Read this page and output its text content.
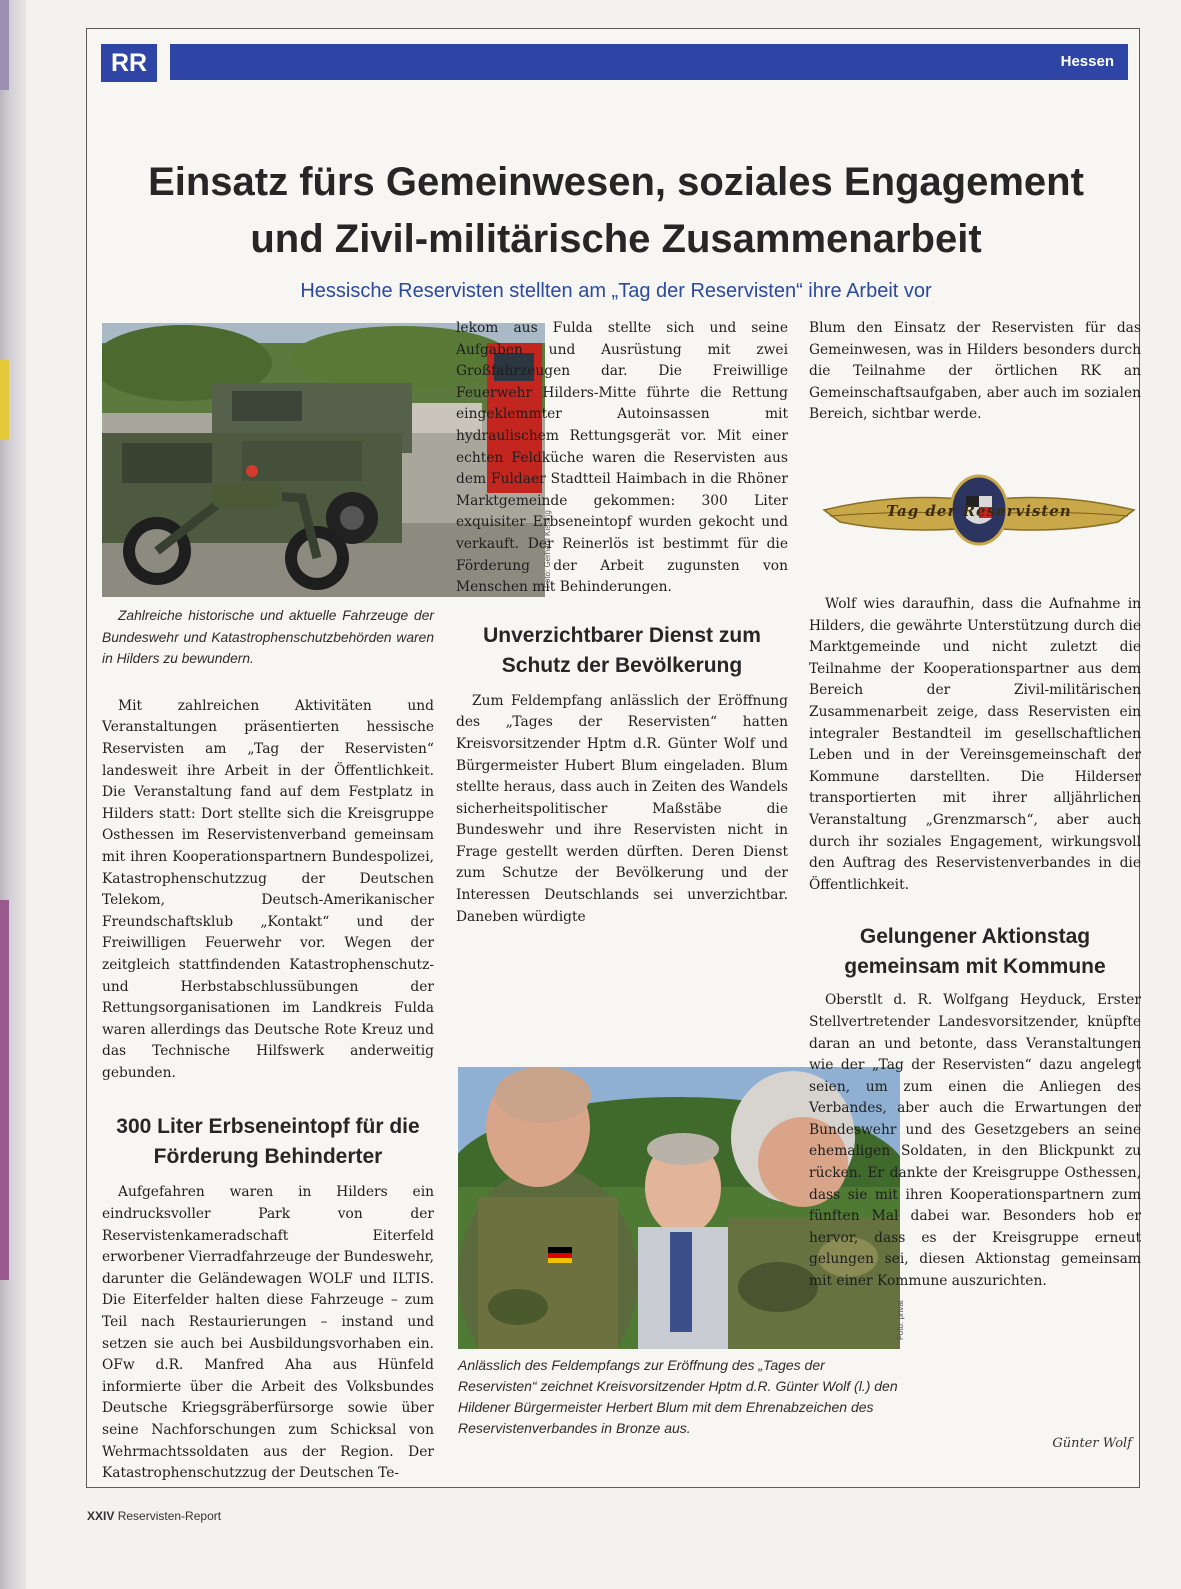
RR	Hessen
Einsatz fürs Gemeinwesen, soziales Engagement
und Zivil-militärische Zusammenarbeit
Hessische Reservisten stellten am „Tag der Reservisten“ ihre Arbeit vor
Foto: Gerhard Kissing

Zahlreiche historische und aktuelle Fahrzeuge der Bundeswehr und Katastrophenschutzbehörden waren in Hilders zu bewundern.

Mit zahlreichen Aktivitäten und Veranstaltungen präsentierten hessische Reservisten am „Tag der Reservisten“ landesweit ihre Arbeit in der Öffentlichkeit. Die Veranstaltung fand auf dem Festplatz in Hilders statt: Dort stellte sich die Kreisgruppe Osthessen im Reservistenverband gemeinsam mit ihren Kooperationspartnern Bundespolizei, Katastrophenschutzzug der Deutschen Telekom, Deutsch-Amerikanischer Freundschaftsklub „Kontakt“ und der Freiwilligen Feuerwehr vor. Wegen der zeitgleich stattfindenden Katastrophenschutz- und Herbstabschlussübungen der Rettungsorganisationen im Landkreis Fulda waren allerdings das Deutsche Rote Kreuz und das Technische Hilfswerk anderweitig gebunden.

300 Liter Erbseneintopf für die Förderung Behinderter

Aufgefahren waren in Hilders ein eindrucksvoller Park von der Reservistenkameradschaft Eiterfeld erworbener Vierradfahrzeuge der Bundeswehr, darunter die Geländewagen WOLF und ILTIS. Die Eiterfelder halten diese Fahrzeuge – zum Teil nach Restaurierungen – instand und setzen sie auch bei Ausbildungsvorhaben ein. OFw d.R. Manfred Aha aus Hünfeld informierte über die Arbeit des Volksbundes Deutsche Kriegsgräberfürsorge sowie über seine Nachforschungen zum Schicksal von Wehrmachtssoldaten aus der Region. Der Katastrophenschutzzug der Deutschen Te-

lekom aus Fulda stellte sich und seine Aufgaben und Ausrüstung mit zwei Großfahrzeugen dar. Die Freiwillige Feuerwehr Hilders-Mitte führte die Rettung eingeklemmter Autoinsassen mit hydraulischem Rettungsgerät vor. Mit einer echten Feldküche waren die Reservisten aus dem Fuldaer Stadtteil Haimbach in die Rhöner Marktgemeinde gekommen: 300 Liter exquisiter Erbseneintopf wurden gekocht und verkauft. Der Reinerlös ist bestimmt für die Förderung der Arbeit zugunsten von Menschen mit Behinderungen.

Unverzichtbarer Dienst zum Schutz der Bevölkerung

Zum Feldempfang anlässlich der Eröffnung des „Tages der Reservisten“ hatten Kreisvorsitzender Hptm d.R. Günter Wolf und Bürgermeister Hubert Blum eingeladen. Blum stellte heraus, dass auch in Zeiten des Wandels sicherheitspolitischer Maßstäbe die Bundeswehr und ihre Reservisten nicht in Frage gestellt werden dürften. Deren Dienst zum Schutze der Bevölkerung und der Interessen Deutschlands sei unverzichtbar. Daneben würdigte

Foto: privat

Anlässlich des Feldempfangs zur Eröffnung des „Tages der Reservisten“ zeichnet Kreisvorsitzender Hptm d.R. Günter Wolf (l.) den Hildener Bürgermeister Herbert Blum mit dem Ehrenabzeichen des Reservistenverbandes in Bronze aus.

Blum den Einsatz der Reservisten für das Gemeinwesen, was in Hilders besonders durch die Teilnahme der örtlichen RK an Gemeinschaftsaufgaben, aber auch im sozialen Bereich, sichtbar werde.

Tag der Reservisten

Wolf wies daraufhin, dass die Aufnahme in Hilders, die gewährte Unterstützung durch die Marktgemeinde und nicht zuletzt die Teilnahme der Kooperationspartner aus dem Bereich der Zivil-militärischen Zusammenarbeit zeige, dass Reservisten ein integraler Bestandteil im gesellschaftlichen Leben und in der Vereinsgemeinschaft der Kommune darstellten. Die Hilderser transportierten mit ihrer alljährlichen Veranstaltung „Grenzmarsch“, aber auch durch ihr soziales Engagement, wirkungsvoll den Auftrag des Reservistenverbandes in die Öffentlichkeit.

Gelungener Aktionstag gemeinsam mit Kommune

Oberstlt d. R. Wolfgang Heyduck, Erster Stellvertretender Landesvorsitzender, knüpfte daran an und betonte, dass Veranstaltungen wie der „Tag der Reservisten“ dazu angelegt seien, um zum einen die Anliegen des Verbandes, aber auch die Erwartungen der Bundeswehr und des Gesetzgebers an seine ehemaligen Soldaten, in den Blickpunkt zu rücken. Er dankte der Kreisgruppe Osthessen, dass sie mit ihren Kooperationspartnern zum fünften Mal dabei war. Besonders hob er hervor, dass es der Kreisgruppe erneut gelungen sei, diesen Aktionstag gemeinsam mit einer Kommune auszurichten.

Günter Wolf
XXIV Reservisten-Report
